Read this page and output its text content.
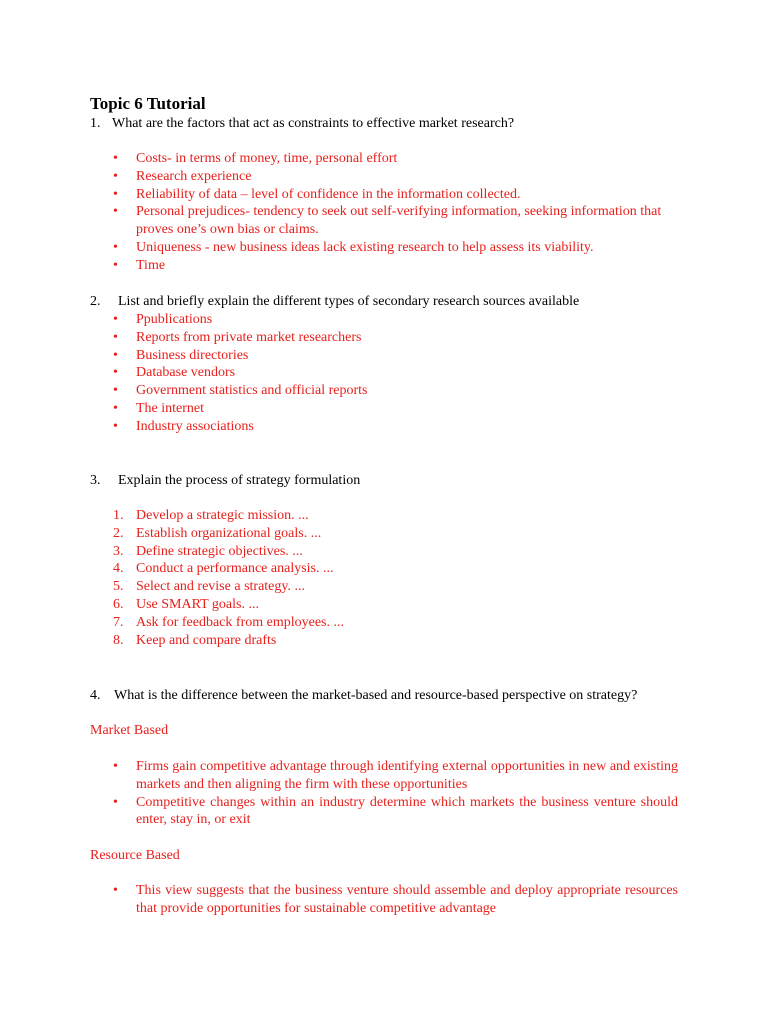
Topic 6 Tutorial
1. What are the factors that act as constraints to effective market research?
• Costs- in terms of money, time, personal effort
• Research experience
• Reliability of data – level of confidence in the information collected.
• Personal prejudices- tendency to seek out self-verifying information, seeking information that proves one’s own bias or claims.
• Uniqueness - new business ideas lack existing research to help assess its viability.
• Time
2. List and briefly explain the different types of secondary research sources available
• Ppublications
• Reports from private market researchers
• Business directories
• Database vendors
• Government statistics and official reports
• The internet
• Industry associations
3. Explain the process of strategy formulation
1. Develop a strategic mission. ...
2. Establish organizational goals. ...
3. Define strategic objectives. ...
4. Conduct a performance analysis. ...
5. Select and revise a strategy. ...
6. Use SMART goals. ...
7. Ask for feedback from employees. ...
8. Keep and compare drafts
4. What is the difference between the market-based and resource-based perspective on strategy?
Market Based
• Firms gain competitive advantage through identifying external opportunities in new and existing markets and then aligning the firm with these opportunities
• Competitive changes within an industry determine which markets the business venture should enter, stay in, or exit
Resource Based
• This view suggests that the business venture should assemble and deploy appropriate resources that provide opportunities for sustainable competitive advantage
